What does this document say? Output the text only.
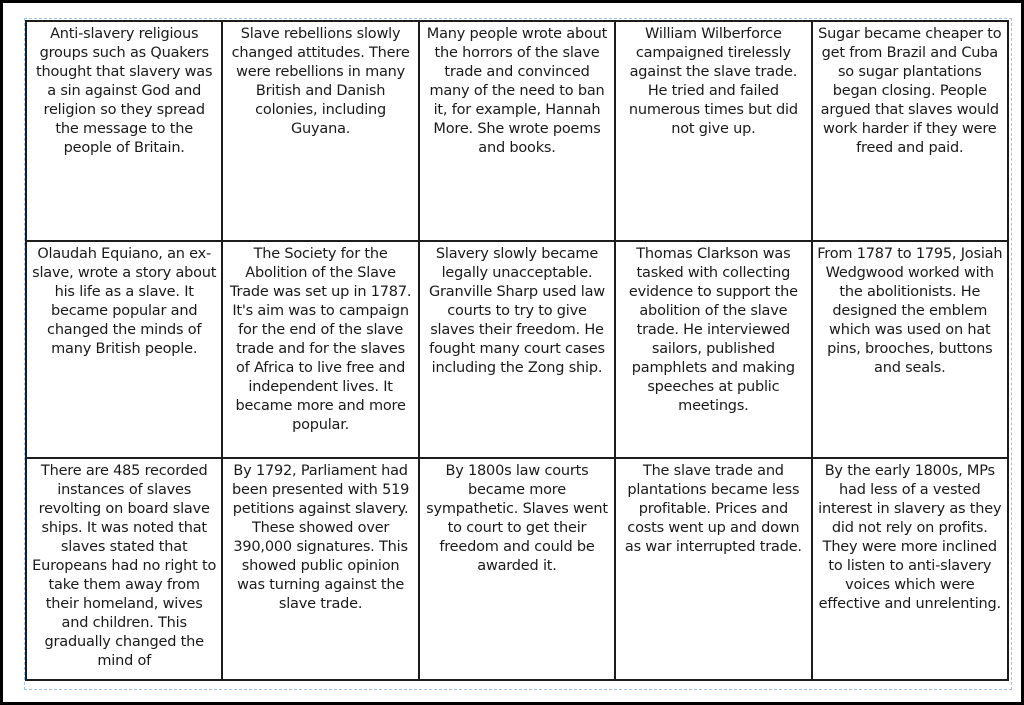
Anti-slavery religious groups such as Quakers thought that slavery was a sin against God and religion so they spread the message to the people of Britain.	Slave rebellions slowly changed attitudes. There were rebellions in many British and Danish colonies, including Guyana.	Many people wrote about the horrors of the slave trade and convinced many of the need to ban it, for example, Hannah More. She wrote poems and books.	William Wilberforce campaigned tirelessly against the slave trade. He tried and failed numerous times but did not give up.	Sugar became cheaper to get from Brazil and Cuba so sugar plantations began closing. People argued that slaves would work harder if they were freed and paid.
Olaudah Equiano, an ex-slave, wrote a story about his life as a slave. It became popular and changed the minds of many British people.	The Society for the Abolition of the Slave Trade was set up in 1787. It's aim was to campaign for the end of the slave trade and for the slaves of Africa to live free and independent lives. It became more and more popular.	Slavery slowly became legally unacceptable. Granville Sharp used law courts to try to give slaves their freedom. He fought many court cases including the Zong ship.	Thomas Clarkson was tasked with collecting evidence to support the abolition of the slave trade. He interviewed sailors, published pamphlets and making speeches at public meetings.	From 1787 to 1795, Josiah Wedgwood worked with the abolitionists. He designed the emblem which was used on hat pins, brooches, buttons and seals.
There are 485 recorded instances of slaves revolting on board slave ships. It was noted that slaves stated that Europeans had no right to take them away from their homeland, wives and children. This gradually changed the mind of	By 1792, Parliament had been presented with 519 petitions against slavery. These showed over 390,000 signatures. This showed public opinion was turning against the slave trade.	By 1800s law courts became more sympathetic. Slaves went to court to get their freedom and could be awarded it.	The slave trade and plantations became less profitable. Prices and costs went up and down as war interrupted trade.	By the early 1800s, MPs had less of a vested interest in slavery as they did not rely on profits. They were more inclined to listen to anti-slavery voices which were effective and unrelenting.
